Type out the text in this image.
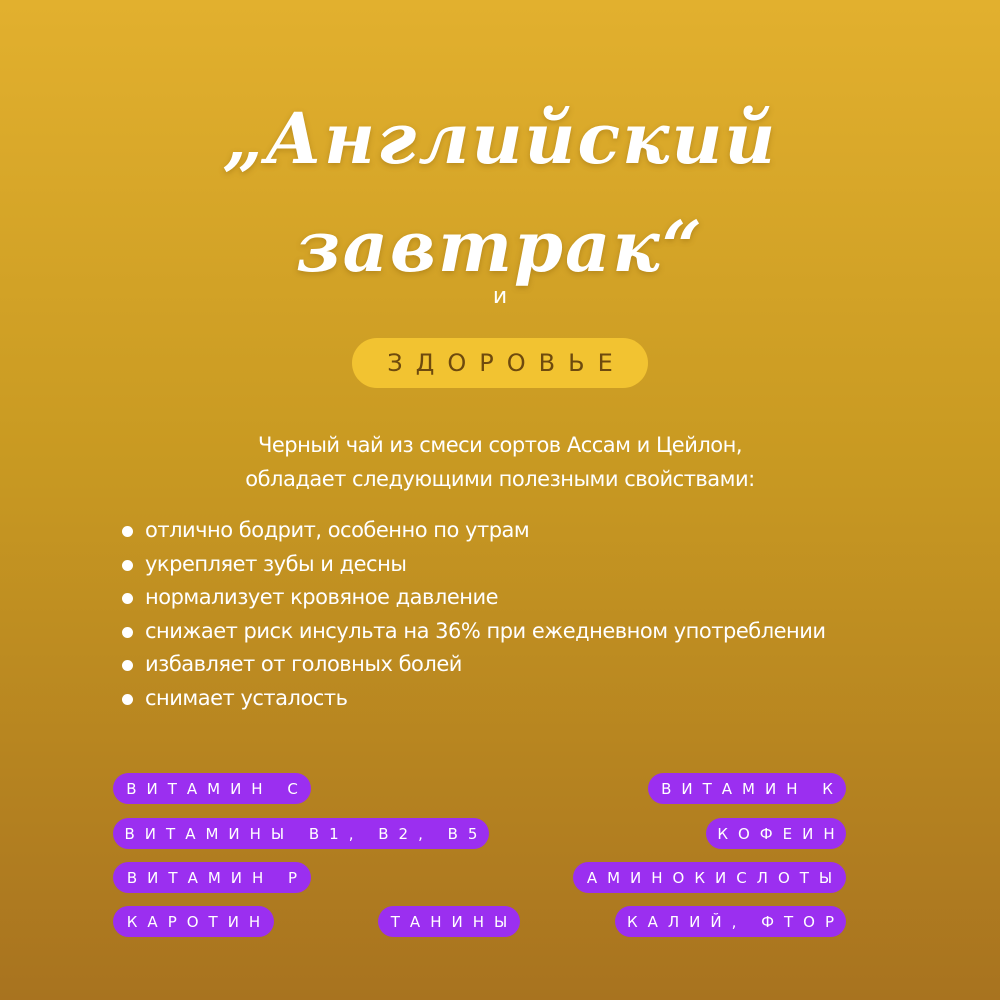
„Английский
завтрак“
и
ЗДОРОВЬЕ
Черный чай из смеси сортов Ассам и Цейлон,
обладает следующими полезными свойствами:
отлично бодрит, особенно по утрам
укрепляет зубы и десны
нормализует кровяное давление
снижает риск инсульта на 36% при ежедневном употреблении
избавляет от головных болей
снимает усталость
ВИТАМИН С
ВИТАМИНЫ В1, В2, В5
ВИТАМИН Р
КАРОТИН	ТАНИНЫ
ВИТАМИН К
КОФЕИН
АМИНОКИСЛОТЫ
КАЛИЙ, ФТОР
